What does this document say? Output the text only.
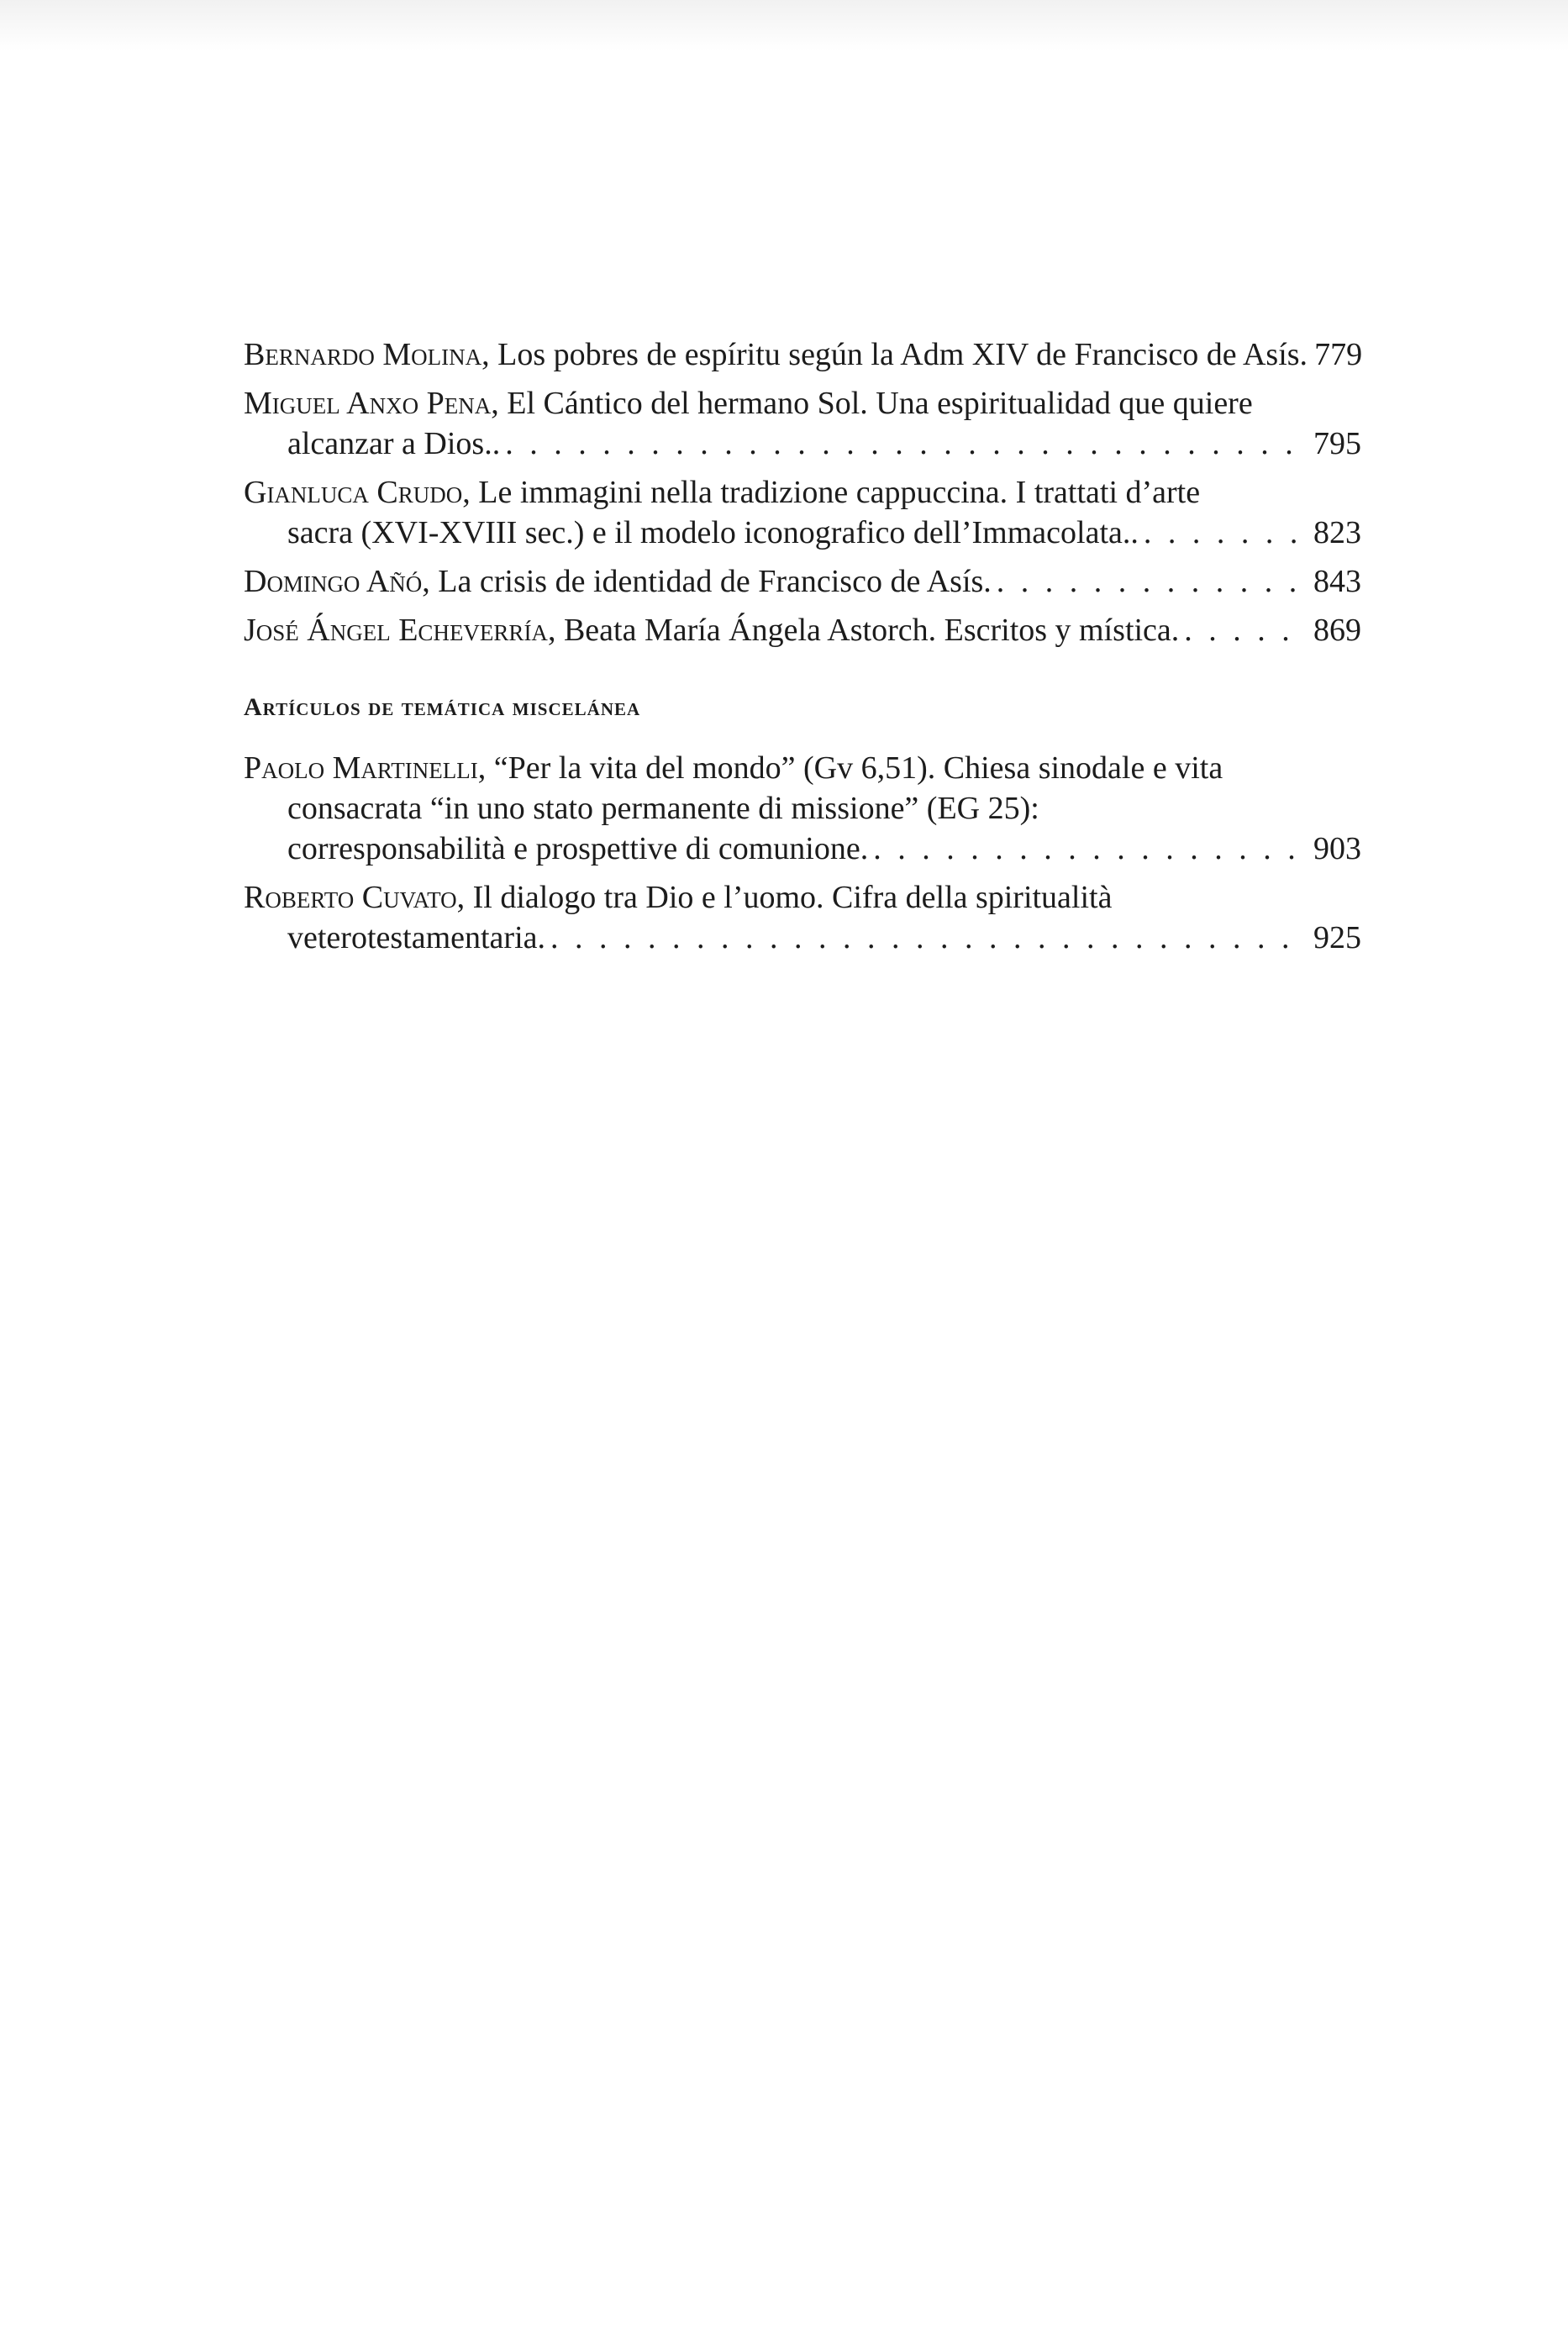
Bernardo Molina , Los pobres de espíritu según la Adm XIV de Francisco de Asís. 779
Miguel Anxo Pena , El Cántico del hermano Sol. Una espiritualidad que quiere
alcanzar a Dios.. . . .	795
Gianluca Crudo , Le immagini nella tradizione cappuccina. I trattati d’arte
sacra (XVI-XVIII sec.) e il modelo iconografico dell’Immacolata.. . . .	823
Domingo Añó , La crisis de identidad de Francisco de Asís. . . .	843
José Ángel Echeverría , Beata María Ángela Astorch. Escritos y mística. . . .	869
Artículos de temática miscelánea
Paolo Martinelli , “Per la vita del mondo” (Gv 6,51). Chiesa sinodale e vita
consacrata “in uno stato permanente di missione” (EG 25):
corresponsabilità e prospettive di comunione. . . .	903
Roberto Cuvato , Il dialogo tra Dio e l’uomo. Cifra della spiritualità
veterotestamentaria. . . .	925
